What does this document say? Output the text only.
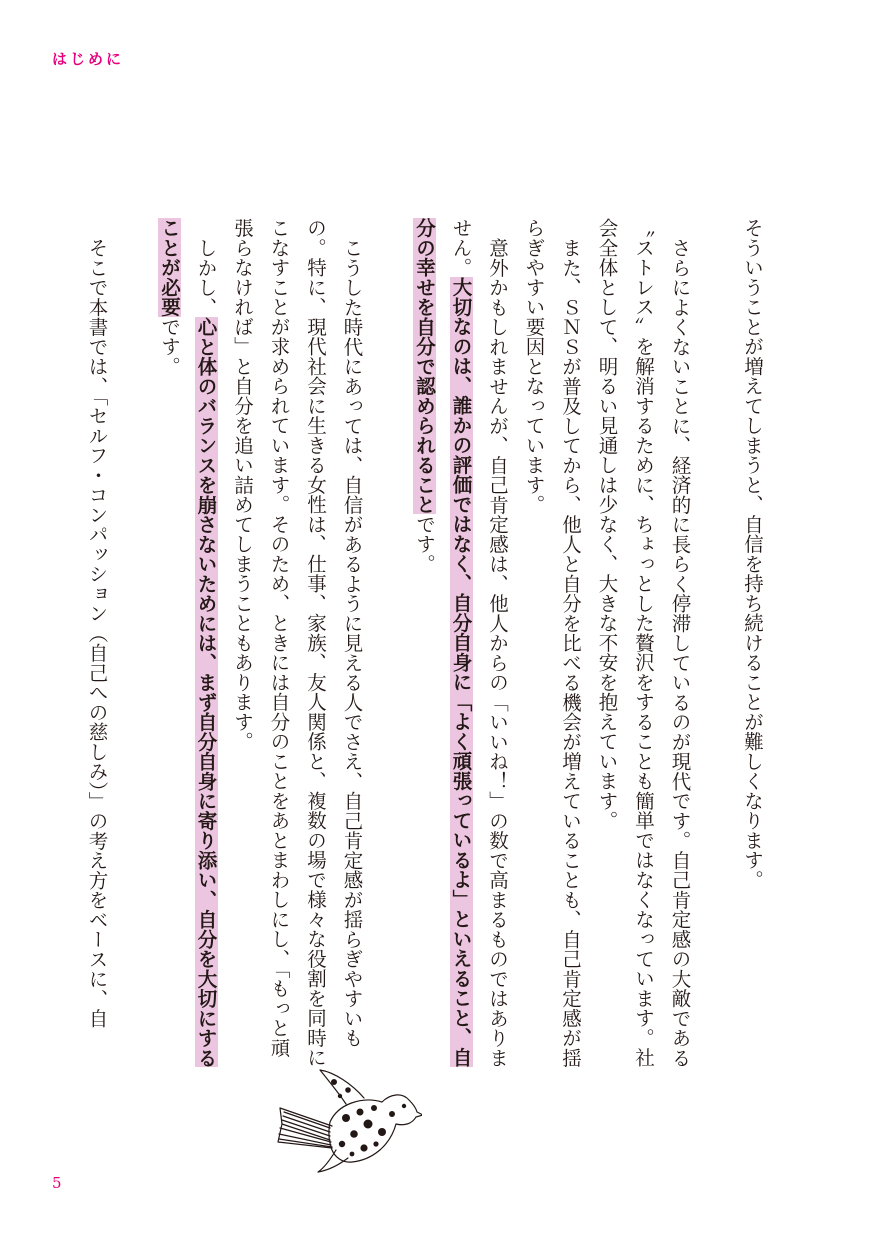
はじめに

そういうことが増えてしまうと、自信を持ち続けることが難しくなります。

さらによくないことに、経済的に長らく停滞しているのが現代です。自己肯定感の大敵である〝ストレス〟を解消するために、ちょっとした贅沢をすることも簡単ではなくなっています。社会全体として、明るい見通しは少なく、大きな不安を抱えています。

また、ＳＮＳが普及してから、他人と自分を比べる機会が増えていることも、自己肯定感が揺らぎやすい要因となっています。

意外かもしれませんが、自己肯定感は、他人からの「いいね！」の数で高まるものではありません。大切なのは、誰かの評価ではなく、自分自身に「よく頑張っているよ」といえること、自分の幸せを自分で認められることです。

こうした時代にあっては、自信があるように見える人でさえ、自己肯定感が揺らぎやすいもの。特に、現代社会に生きる女性は、仕事、家族、友人関係と、複数の場で様々な役割を同時にこなすことが求められています。そのため、ときには自分のことをあとまわしにし、「もっと頑張らなければ」と自分を追い詰めてしまうこともあります。

しかし、心と体のバランスを崩さないためには、まず自分自身に寄り添い、自分を大切にすることが必要です。

そこで本書では、「セルフ・コンパッション（自己への慈しみ）」の考え方をベースに、自

5
